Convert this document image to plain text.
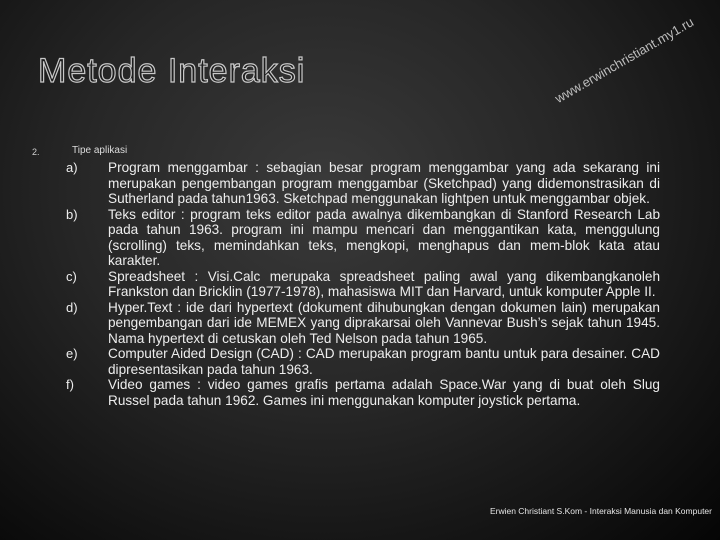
Metode Interaksi	www.erwinchristiant.my1.ru
2.	Tipe aplikasi
a)	Program menggambar : sebagian besar program menggambar yang ada sekarang ini merupakan pengembangan program menggambar (Sketchpad) yang didemonstrasikan di Sutherland pada tahun1963. Sketchpad menggunakan lightpen untuk menggambar objek.
b)	Teks editor : program teks editor pada awalnya dikembangkan di Stanford Research Lab pada tahun 1963. program ini mampu mencari dan menggantikan kata, menggulung (scrolling) teks, memindahkan teks, mengkopi, menghapus dan mem-blok kata atau karakter.
c)	Spreadsheet : Visi.Calc merupaka spreadsheet paling awal yang dikembangkanoleh Frankston dan Bricklin (1977-1978), mahasiswa MIT dan Harvard, untuk komputer Apple II.
d)	Hyper.Text : ide dari hypertext (dokument dihubungkan dengan dokumen lain) merupakan pengembangan dari ide MEMEX yang diprakarsai oleh Vannevar Bush’s sejak tahun 1945. Nama hypertext di cetuskan oleh Ted Nelson pada tahun 1965.
e)	Computer Aided Design (CAD) : CAD merupakan program bantu untuk para desainer. CAD dipresentasikan pada tahun 1963.
f)	Video games : video games grafis pertama adalah Space.War yang di buat oleh Slug Russel pada tahun 1962. Games ini menggunakan komputer joystick pertama.
Erwien Christiant S.Kom - Interaksi Manusia dan Komputer
